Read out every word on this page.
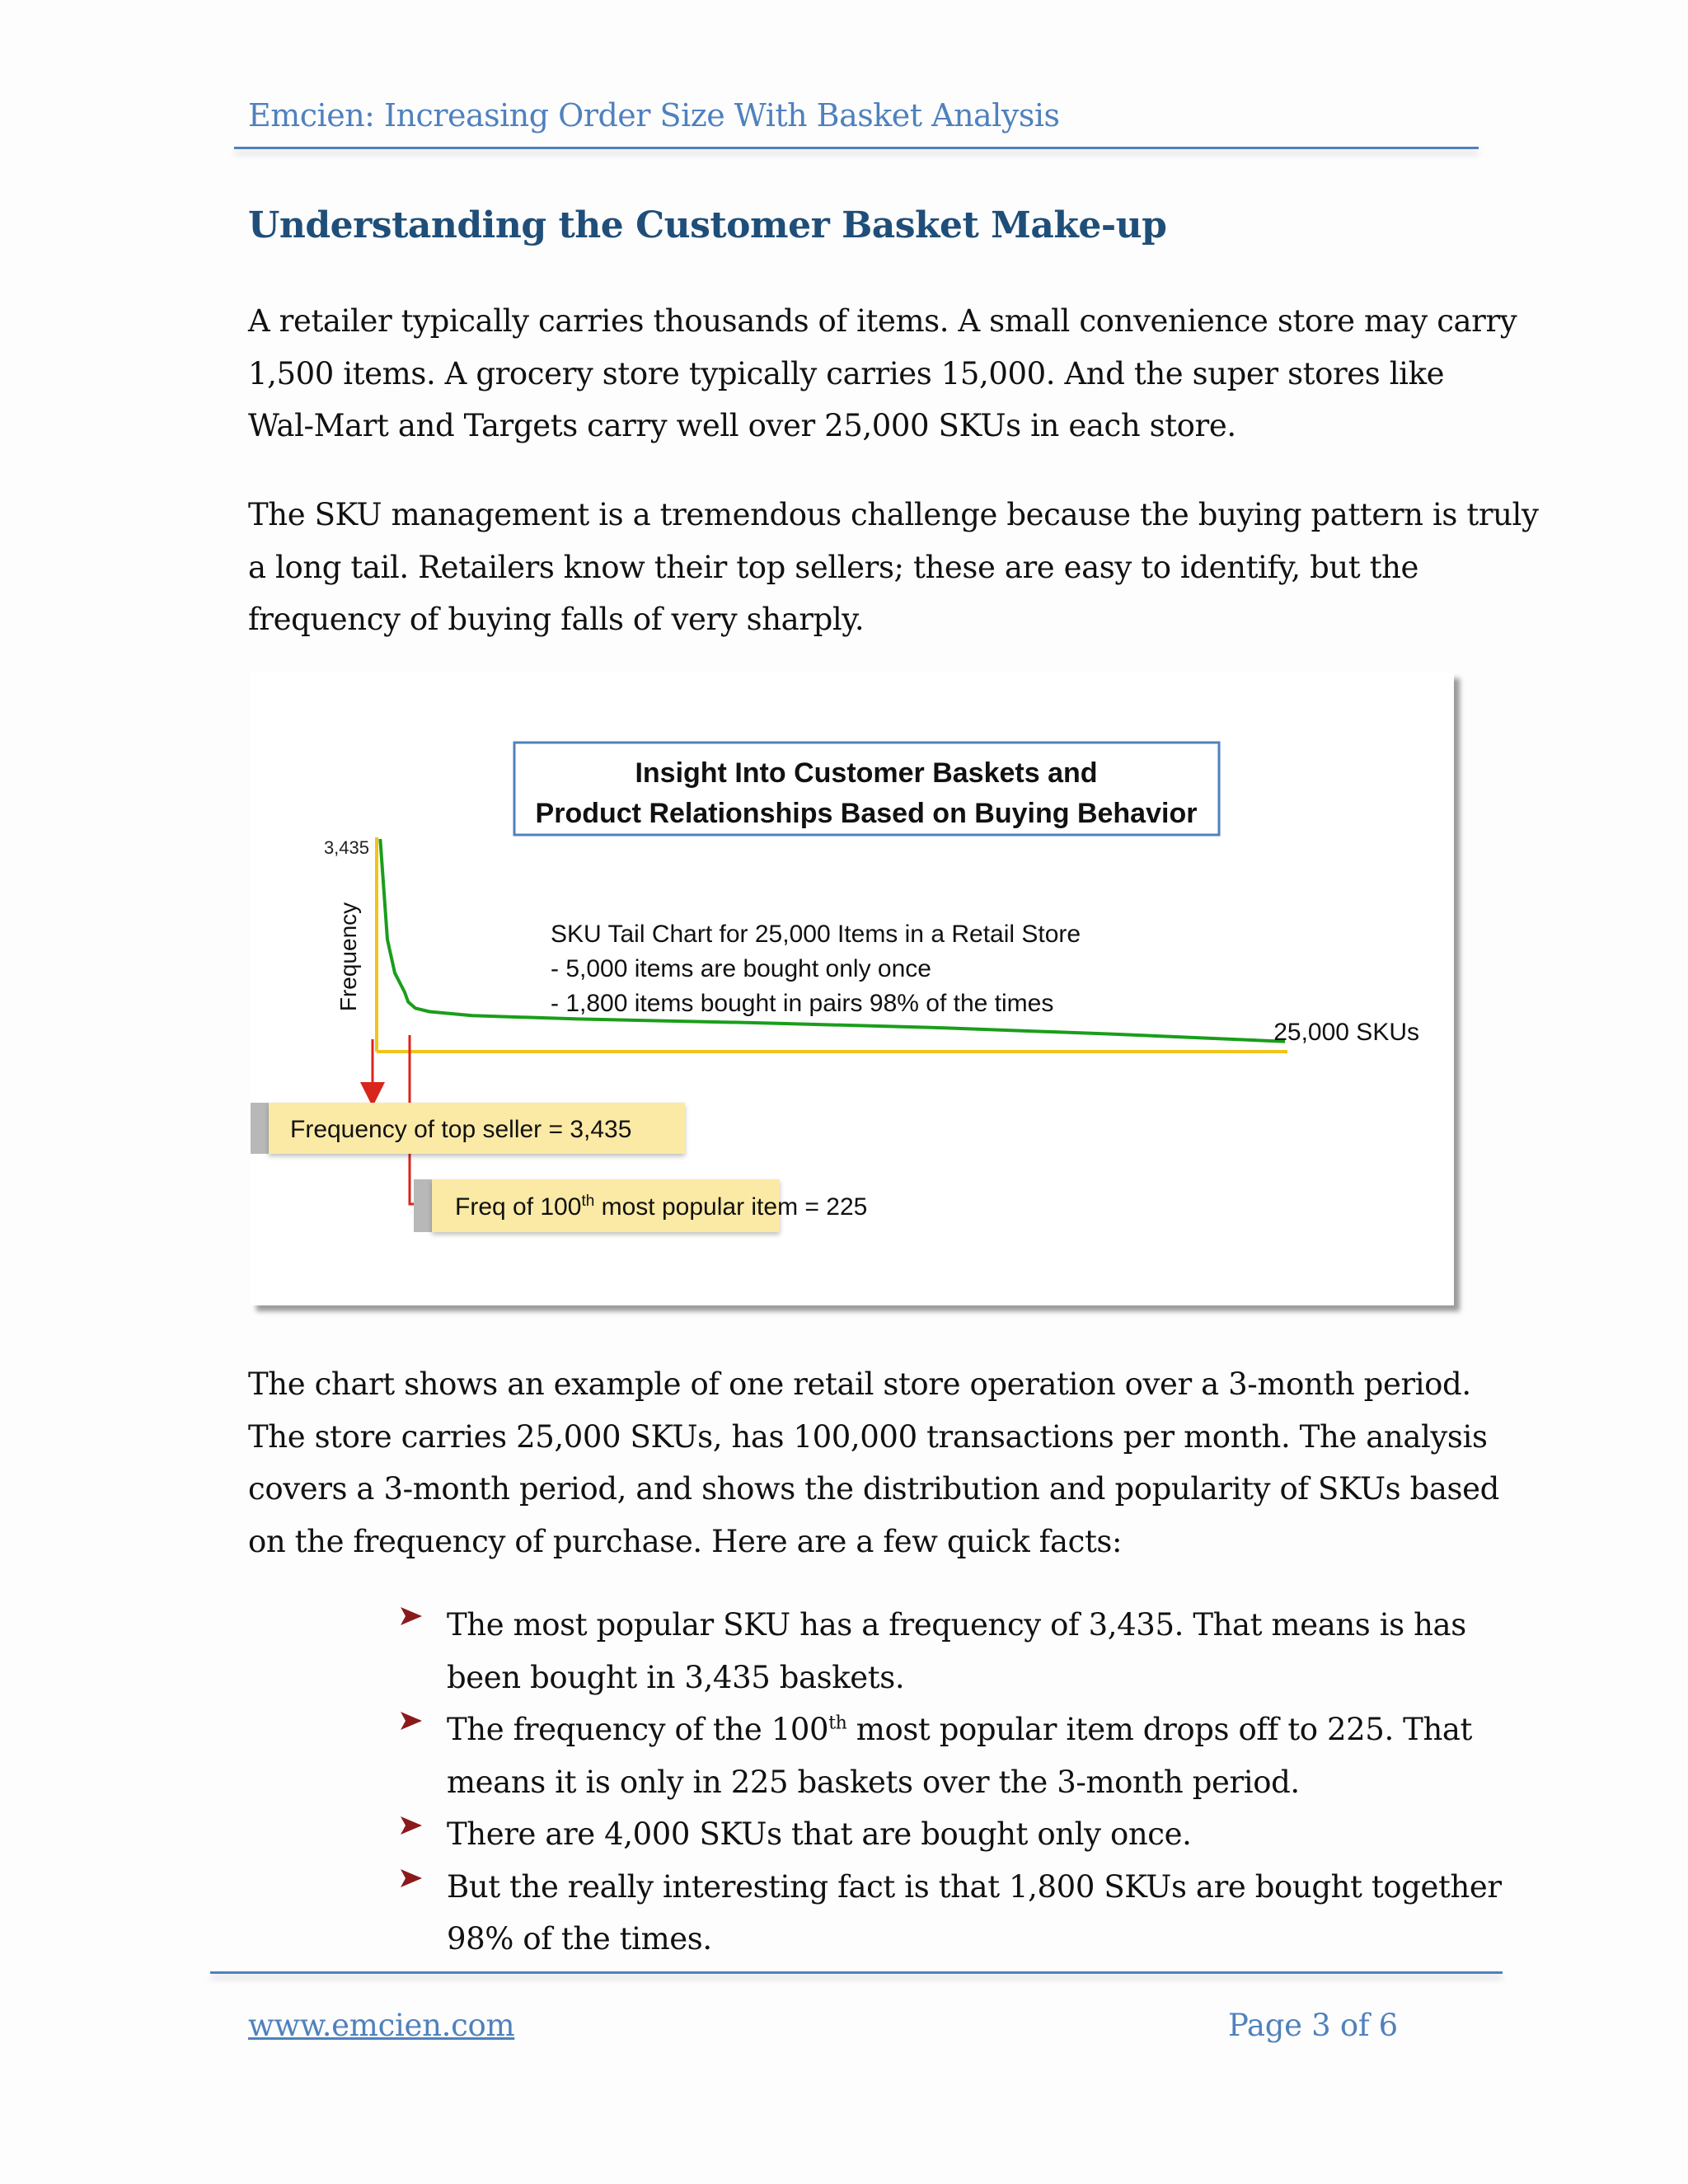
Emcien: Increasing Order Size With Basket Analysis
Understanding the Customer Basket Make-up
A retailer typically carries thousands of items. A small convenience store may carry
1,500 items. A grocery store typically carries 15,000. And the super stores like
Wal-Mart and Targets carry well over 25,000 SKUs in each store.
The SKU management is a tremendous challenge because the buying pattern is truly
a long tail. Retailers know their top sellers; these are easy to identify, but the
frequency of buying falls of very sharply.
Insight Into Customer Baskets and
Product Relationships Based on Buying Behavior
3,435
Frequency	SKU Tail Chart for 25,000 Items in a Retail Store
- 5,000 items are bought only once
- 1,800 items bought in pairs 98% of the times
25,000 SKUs
Frequency of top seller = 3,435
Freq of 100th most popular item = 225
The chart shows an example of one retail store operation over a 3-month period.
The store carries 25,000 SKUs, has 100,000 transactions per month. The analysis
covers a 3-month period, and shows the distribution and popularity of SKUs based
on the frequency of purchase. Here are a few quick facts:
The most popular SKU has a frequency of 3,435. That means is has
been bought in 3,435 baskets.
The frequency of the 100th most popular item drops off to 225. That
means it is only in 225 baskets over the 3-month period.
There are 4,000 SKUs that are bought only once.
But the really interesting fact is that 1,800 SKUs are bought together
98% of the times.
www.emcien.com	Page 3 of 6
